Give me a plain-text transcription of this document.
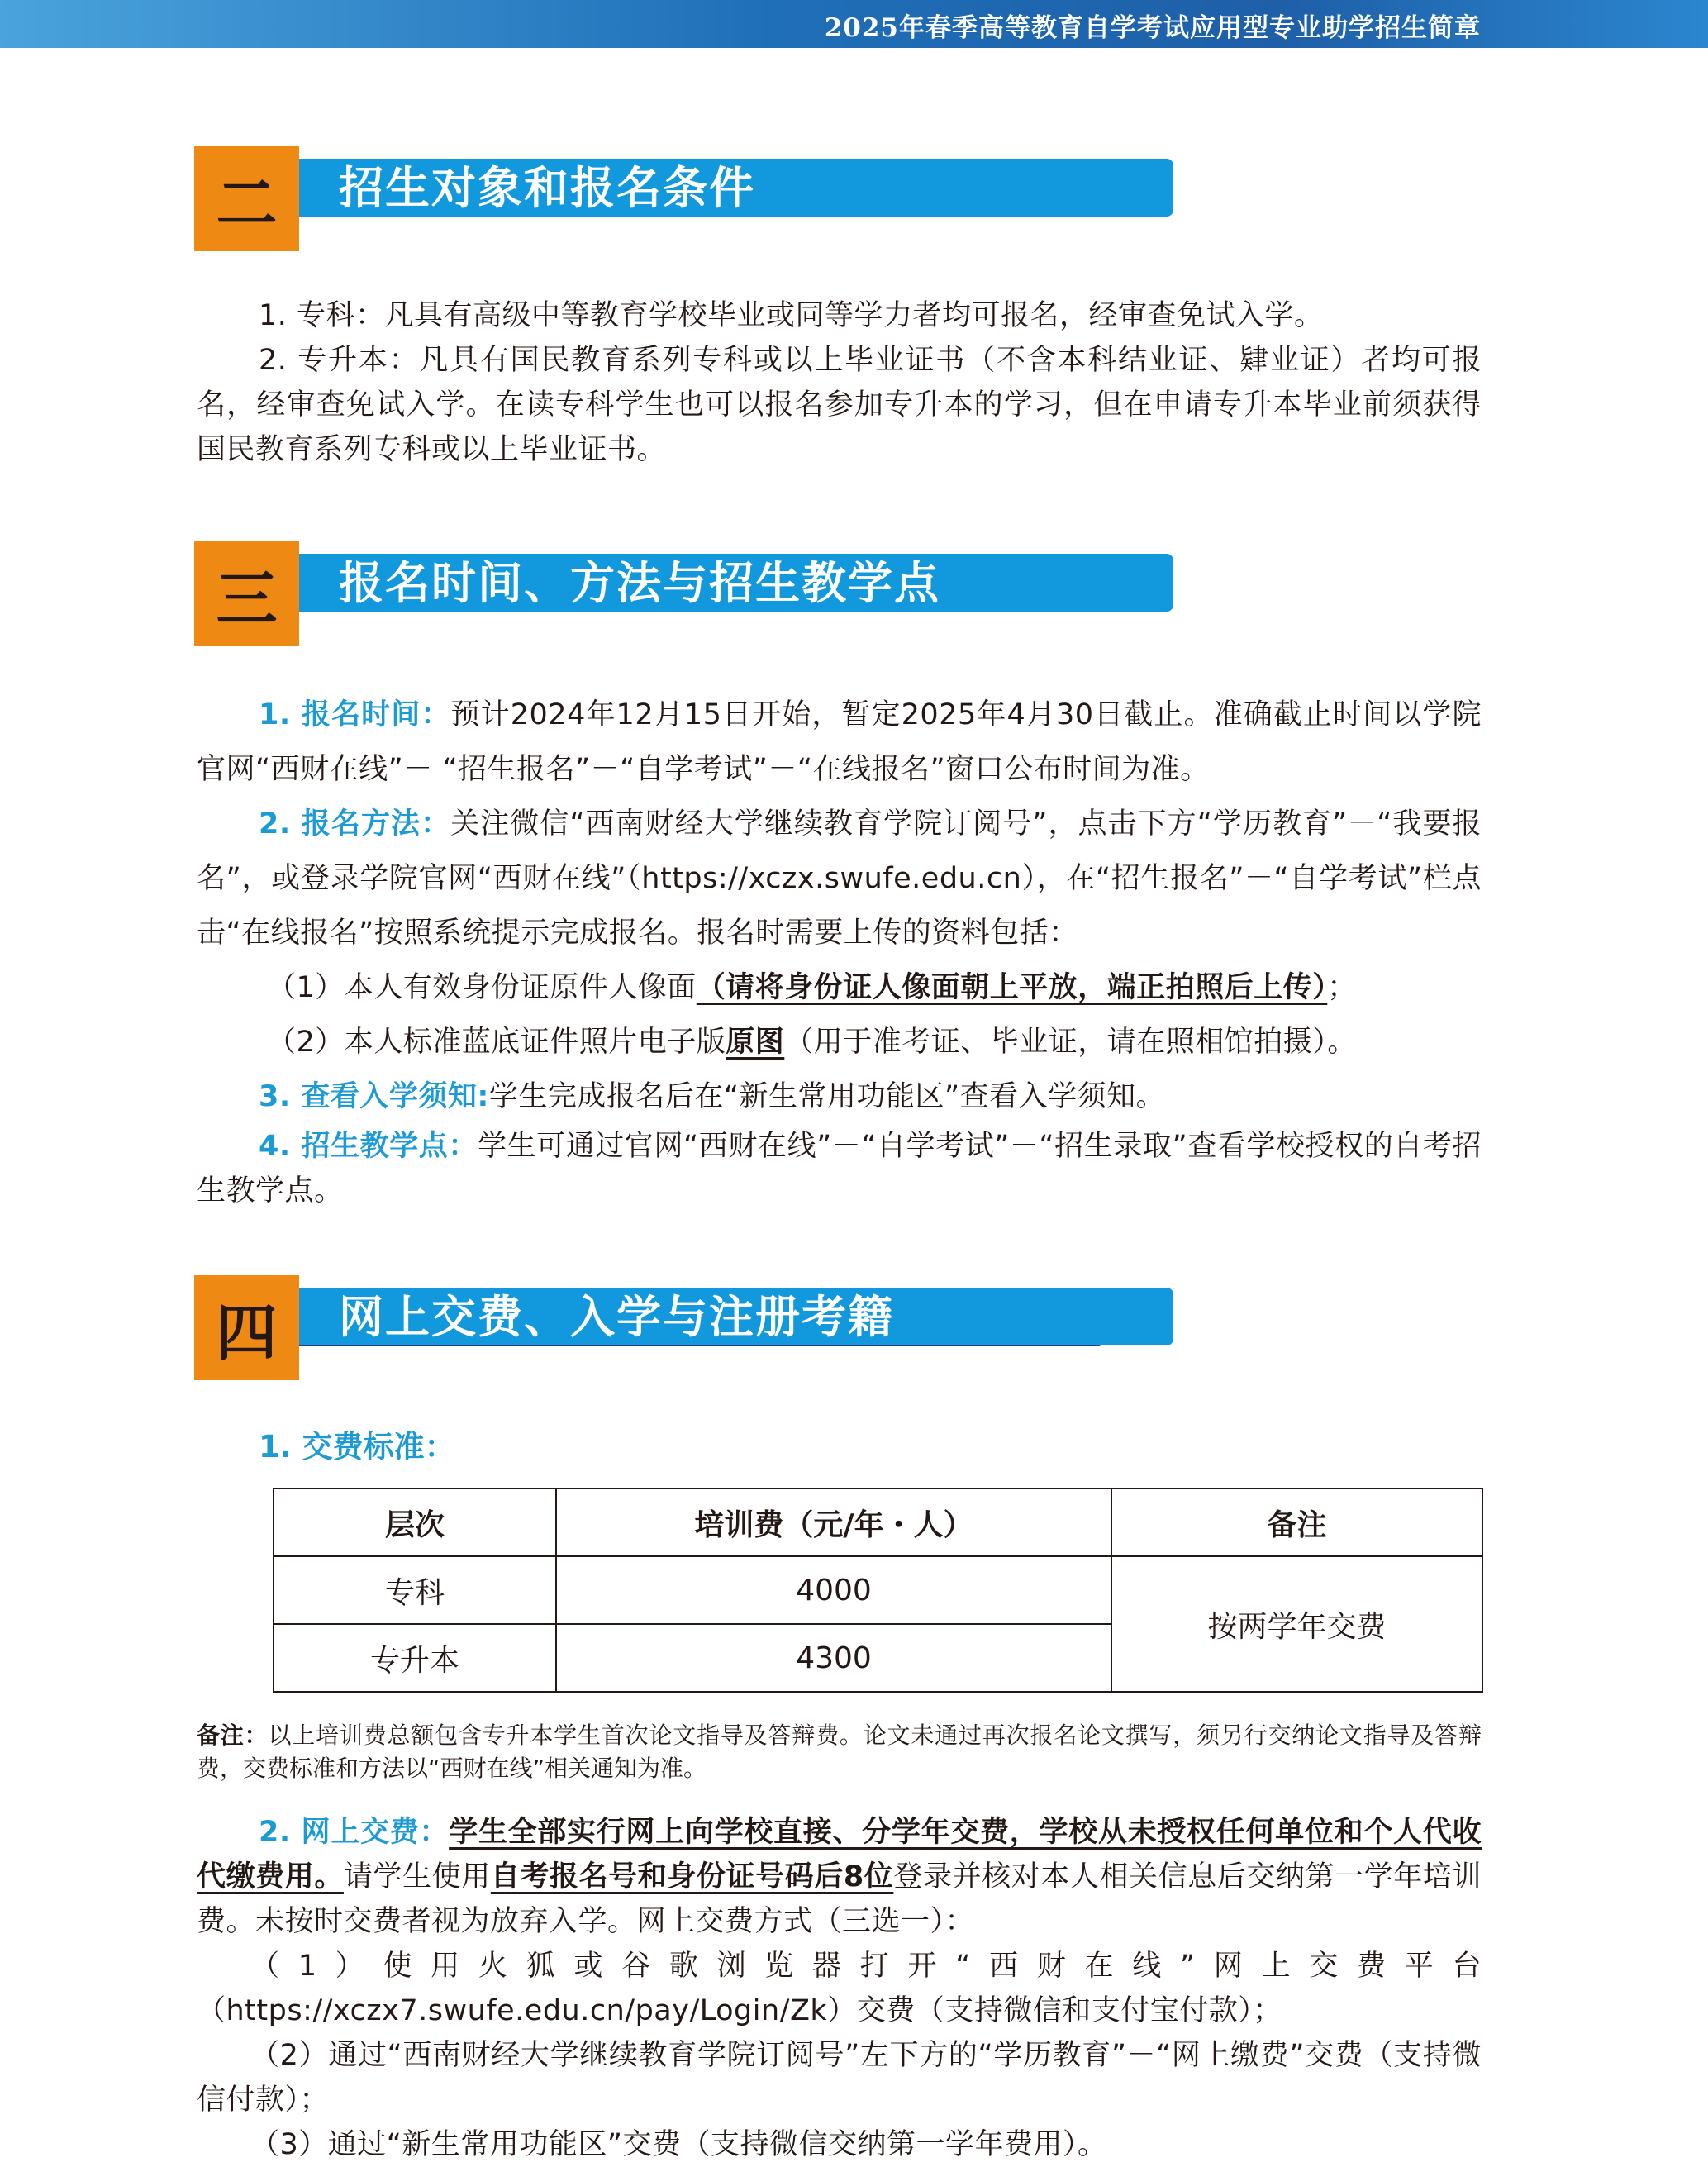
2025年春季高等教育自学考试应用型专业助学招生简章
二	招生对象和报名条件

1. 专科：凡具有高级中等教育学校毕业或同等学力者均可报名，经审查免试入学。

2. 专升本：凡具有国民教育系列专科或以上毕业证书（不含本科结业证、肄业证）者均可报名，经审查免试入学。在读专科学生也可以报名参加专升本的学习，但在申请专升本毕业前须获得国民教育系列专科或以上毕业证书。

三	报名时间、方法与招生教学点

1. 报名时间：预计2024年12月15日开始，暂定2025年4月30日截止。准确截止时间以学院官网“西财在线”－ “招生报名”－“自学考试”－“在线报名”窗口公布时间为准。

2. 报名方法：关注微信“西南财经大学继续教育学院订阅号”，点击下方“学历教育”－“我要报名”，或登录学院官网“西财在线”（https://xczx.swufe.edu.cn），在“招生报名”－“自学考试”栏点击“在线报名”按照系统提示完成报名。报名时需要上传的资料包括：

（1）本人有效身份证原件人像面（请将身份证人像面朝上平放，端正拍照后上传）；

（2）本人标准蓝底证件照片电子版原图（用于准考证、毕业证，请在照相馆拍摄）。

3. 查看入学须知:学生完成报名后在“新生常用功能区”查看入学须知。

4. 招生教学点：学生可通过官网“西财在线”－“自学考试”－“招生录取”查看学校授权的自考招生教学点。

四	网上交费、入学与注册考籍
1. 交费标准：
层次	培训费（元/年・人）	备注
专科	4000	按两学年交费
专升本	4300	
备注：以上培训费总额包含专升本学生首次论文指导及答辩费。论文未通过再次报名论文撰写，须另行交纳论文指导及答辩费，交费标准和方法以“西财在线”相关通知为准。

2. 网上交费：学生全部实行网上向学校直接、分学年交费，学校从未授权任何单位和个人代收代缴费用。请学生使用自考报名号和身份证号码后8位登录并核对本人相关信息后交纳第一学年培训费。未按时交费者视为放弃入学。网上交费方式（三选一）：

（1）使用火狐或谷歌浏览器打开“西财在线”网上交费平台（https://xczx7.swufe.edu.cn/pay/Login/Zk）交费（支持微信和支付宝付款）；

（2）通过“西南财经大学继续教育学院订阅号”左下方的“学历教育”－“网上缴费”交费（支持微信付款）；

（3）通过“新生常用功能区”交费（支持微信交纳第一学年费用）。
